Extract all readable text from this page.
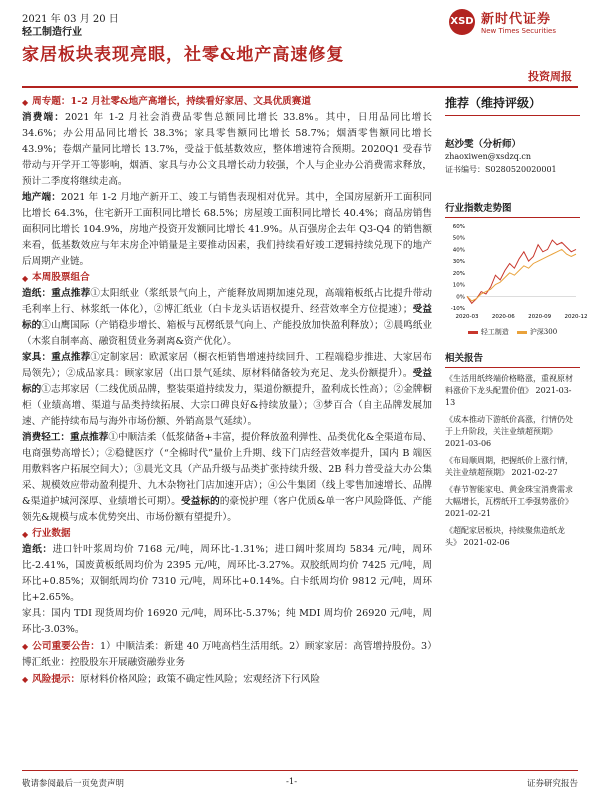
2021 年 03 月 20 日
轻工制造行业
XSD 新时代证券
New Times Securities
家居板块表现亮眼，社零&地产高速修复
投资周报
◆ 周专题：1-2 月社零&地产高增长，持续看好家居、文具优质赛道

消费端：2021 年 1-2 月社会消费品零售总额同比增长 33.8%。其中，日用品同比增长 34.6%；办公用品同比增长 38.3%；家具零售额同比增长 58.7%；烟酒零售额同比增长 43.9%；卷烟产量同比增长 13.7%，受益于低基数效应，整体增速符合预期。2020Q1 受春节带动与开学开工等影响，烟酒、家具与办公文具增长动力较强，个人与企业办公消费需求释放，预计二季度将继续走高。

地产端：2021 年 1-2 月地产新开工、竣工与销售表现相对优异。其中，全国房屋新开工面积同比增长 64.3%，住宅新开工面积同比增长 68.5%；房屋竣工面积同比增长 40.4%；商品房销售面积同比增长 104.9%，房地产投资开发额同比增长 41.9%。从百强房企去年 Q3-Q4 的销售额来看，低基数效应与年末房企冲销量是主要推动因素，我们持续看好竣工逻辑持续兑现下的地产后周期产业链。

◆ 本周股票组合

造纸：重点推荐①太阳纸业（浆纸景气向上，产能释放周期加速兑现，高端箱板纸占比提升带动毛利率上行、林浆纸一体化），②博汇纸业（白卡龙头话语权提升、经营效率全方位提速）；受益标的①山鹰国际（产销稳步增长、箱板与瓦楞纸景气向上、产能投放加快盈利释放）；②晨鸣纸业（木浆自制率高、融资租赁业务剥离&资产优化）。

家具：重点推荐①定制家居：欧派家居（橱衣柜销售增速持续回升、工程端稳步推进、大家居布局领先）；②成品家具：顾家家居（出口景气延续、原材料储备较为充足、龙头份额提升）。受益标的①志邦家居（二线优质品牌，整装渠道持续发力，渠道份额提升，盈利成长性高）；②金牌橱柜（业绩高增、渠道与品类持续拓展、大宗口碑良好&持续放量）；③梦百合（自主品牌发展加速、产能持续布局与海外市场份额、外销高景气延续）。

消费轻工：重点推荐①中顺洁柔（低浆储备+丰富，提价释放盈利弹性、品类优化&全渠道布局、电商强势高增长）；②稳健医疗（“全棉时代”量价上升期、线下门店经营效率提升，国内 B 端医用敷料客户拓展空间大）；③晨光文具（产品升级与品类扩张持续升级、2B 科力普受益大办公集采、规模效应带动盈利提升、九木杂物社门店加速开店）；④公牛集团（线上零售加速增长、品牌&渠道护城河深厚、业绩增长可期）。受益标的的豪悦护理（客户优质&单一客户风险降低、产能领先&规模与成本优势突出、市场份额有望提升）。

◆ 行业数据

造纸：进口针叶浆周均价 7168 元/吨，周环比-1.31%；进口阔叶浆周均 5834 元/吨，周环比-2.41%，国废黄板纸周均价为 2395 元/吨，周环比-3.27%。双胶纸周均价 7425 元/吨，周环比+0.85%；双铜纸周均价 7310 元/吨，周环比+0.14%。白卡纸周均价 9812 元/吨，周环比+2.65%。

家具：国内 TDI 现货周均价 16920 元/吨，周环比-5.37%；纯 MDI 周均价 26920 元/吨，周环比-3.03%。

◆ 公司重要公告：1）中顺洁柔：新建 40 万吨高档生活用纸。2）顾家家居：高管增持股份。3）博汇纸业：控股股东开展融资融券业务
◆ 风险提示：原材料价格风险；政策不确定性风险；宏观经济下行风险
推荐（维持评级）
赵沙雯（分析师）
zhaoxiwen@xsdzq.cn
证书编号：S0280520020001
行业指数走势图
60%
50%
40%
30%
20%
10%
0%
-10%
2020-03 2020-06 2020-09 2020-12
轻工制造	沪深300
相关报告
《生活用纸终端价格略涨，重视原材料涨价下龙头配置价值》 2021-03-13
《成本推动下游纸价高涨，行情仍处于上升阶段，关注业绩超预期》 2021-03-06
《布局顺周期，把握纸价上涨行情，关注业绩超预期》 2021-02-27
《春节智能家电、黄金珠宝消费需求大幅增长，瓦楞纸开工季强势涨价》 2021-02-21
《超配家居板块，持续聚焦造纸龙头》 2021-02-06
敬请参阅最后一页免责声明	-1-	证券研究报告
